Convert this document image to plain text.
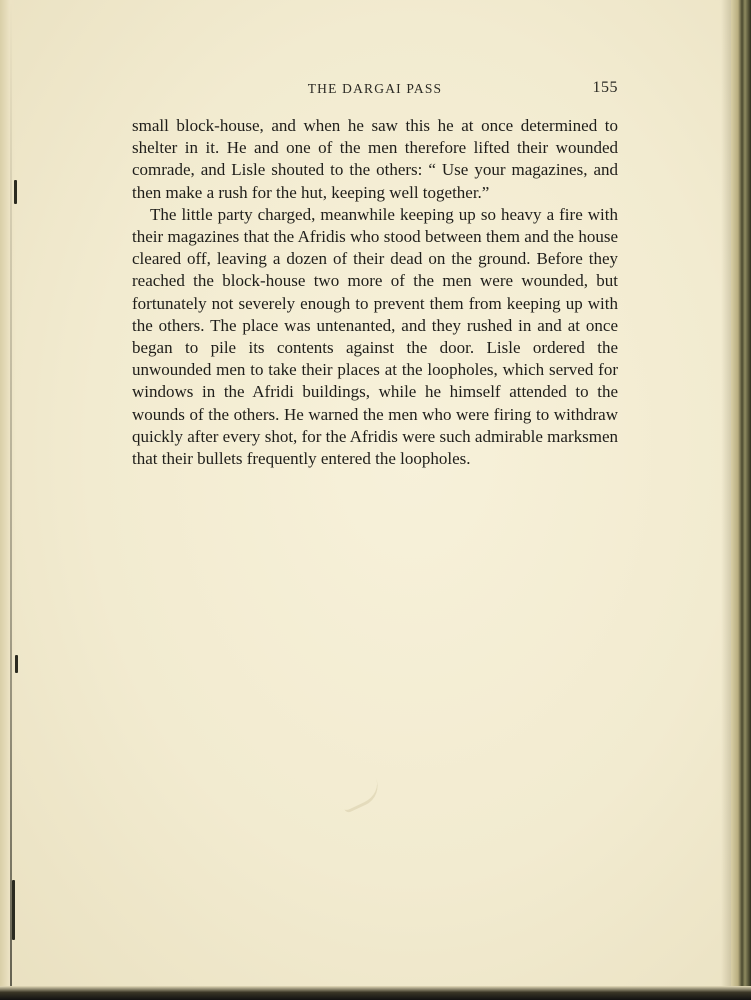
THE DARGAI PASS	155

small block-house, and when he saw this he at once determined to shelter in it. He and one of the men therefore lifted their wounded comrade, and Lisle shouted to the others: “ Use your magazines, and then make a rush for the hut, keeping well together.”

The little party charged, meanwhile keeping up so heavy a fire with their magazines that the Afridis who stood between them and the house cleared off, leaving a dozen of their dead on the ground. Before they reached the block-house two more of the men were wounded, but fortunately not severely enough to prevent them from keeping up with the others. The place was untenanted, and they rushed in and at once began to pile its contents against the door. Lisle ordered the unwounded men to take their places at the loopholes, which served for windows in the Afridi buildings, while he himself attended to the wounds of the others. He warned the men who were firing to withdraw quickly after every shot, for the Afridis were such admirable marksmen that their bullets frequently entered the loopholes.
